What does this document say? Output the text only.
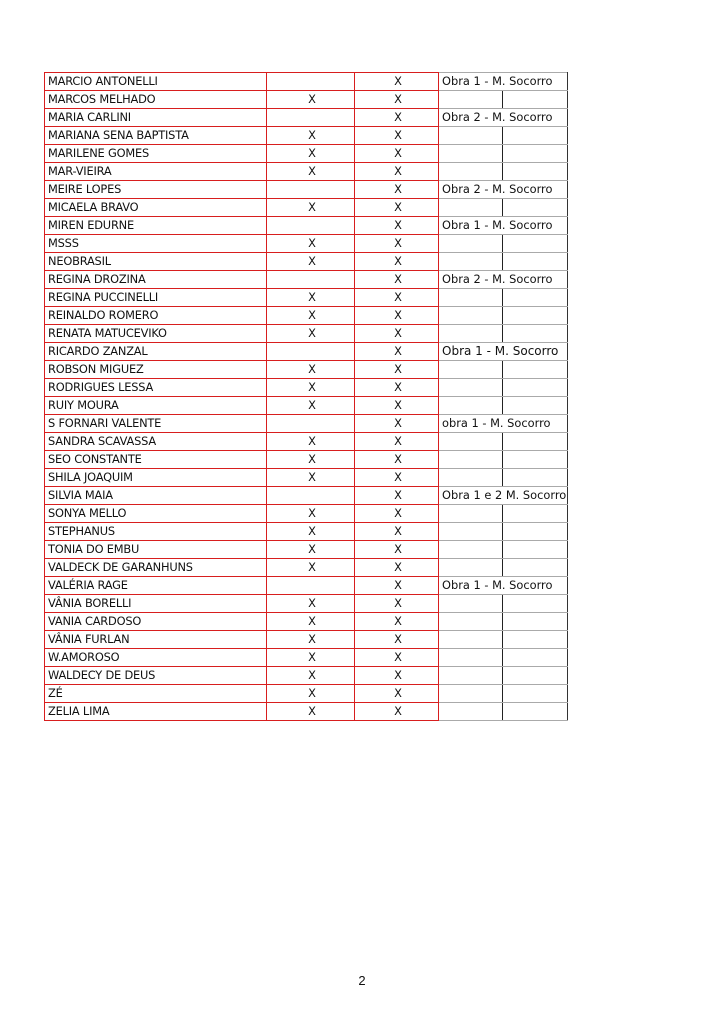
MARCIO ANTONELLI		X	Obra 1 - M. Socorro
MARCOS MELHADO	X	X	

MARIA CARLINI		X	Obra 2 - M. Socorro
MARIANA SENA BAPTISTA	X	X	

MARILENE GOMES	X	X	

MAR-VIEIRA	X	X	

MEIRE LOPES		X	Obra 2 - M. Socorro
MICAELA BRAVO	X	X	

MIREN EDURNE		X	Obra 1 - M. Socorro
MSSS	X	X	

NEOBRASIL	X	X	

REGINA DROZINA		X	Obra 2 - M. Socorro
REGINA PUCCINELLI	X	X	

REINALDO ROMERO	X	X	

RENATA MATUCEVIKO	X	X	

RICARDO ZANZAL		X	Obra 1 - M. Socorro
ROBSON MIGUEZ	X	X	

RODRIGUES LESSA	X	X	

RUIY MOURA	X	X	

S FORNARI VALENTE		X	obra 1 - M. Socorro
SANDRA SCAVASSA	X	X	

SEO CONSTANTE	X	X	

SHILA JOAQUIM	X	X	

SILVIA MAIA		X	Obra 1 e 2 M. Socorro
SONYA MELLO	X	X	

STEPHANUS	X	X	

TONIA DO EMBU	X	X	

VALDECK DE GARANHUNS	X	X	

VALÉRIA RAGE		X	Obra 1 - M. Socorro
VÂNIA BORELLI	X	X	

VANIA CARDOSO	X	X	

VÂNIA FURLAN	X	X	

W.AMOROSO	X	X	

WALDECY DE DEUS	X	X	

ZÉ	X	X	

ZELIA LIMA	X	X	
2
